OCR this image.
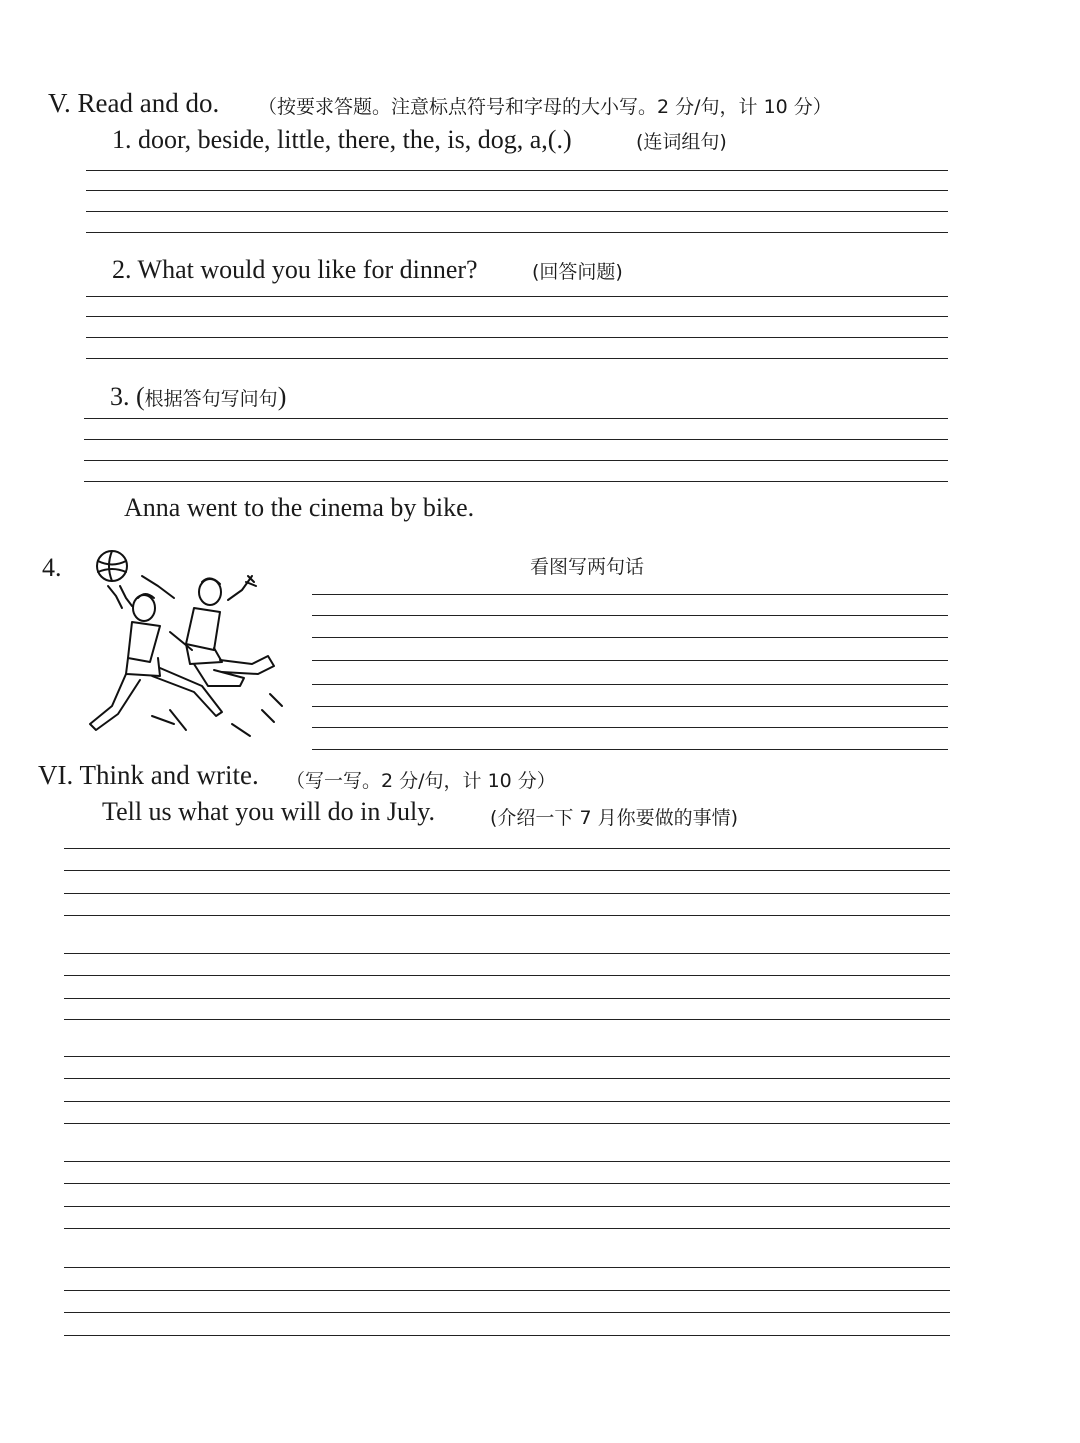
V. Read and do. （按要求答题。注意标点符号和字母的大小写。2 分/句，计 10 分）
1. door, beside, little, there, the, is, dog, a,(.)	(连词组句)
2. What would you like for dinner?	(回答问题)
3. (根据答句写问句)
Anna went to the cinema by bike.
4.	看图写两句话
VI. Think and write. （写一写。2 分/句，计 10 分）
Tell us what you will do in July.	(介绍一下 7 月你要做的事情)
